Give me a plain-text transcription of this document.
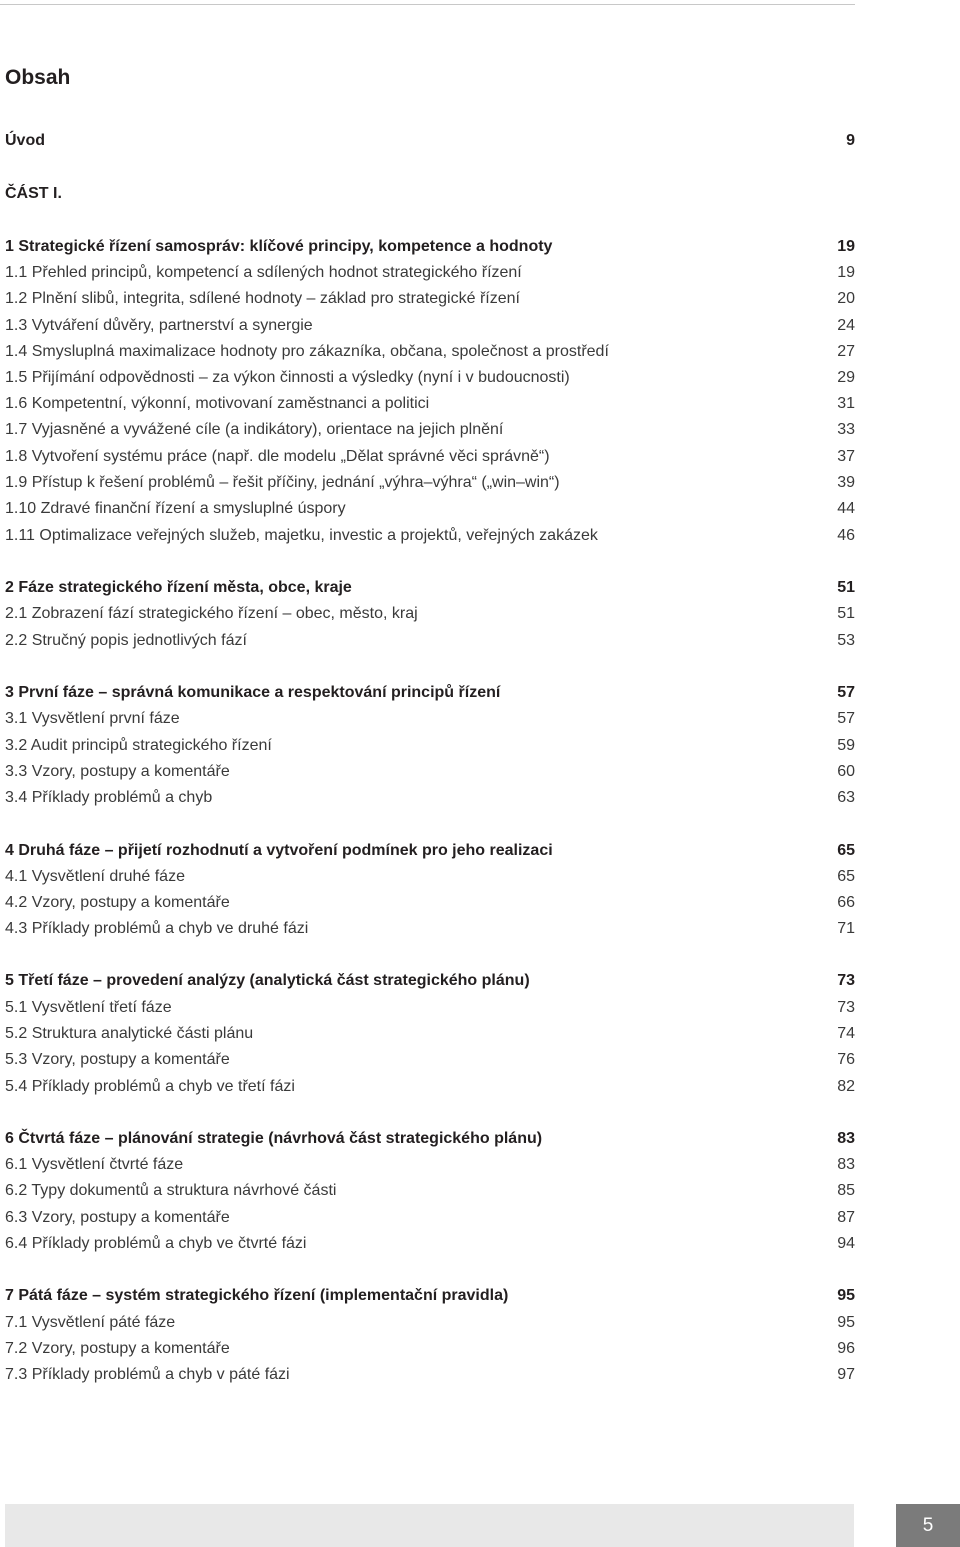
Obsah
Úvod	9
ČÁST I.
1 Strategické řízení samospráv: klíčové principy, kompetence a hodnoty	19
1.1 Přehled principů, kompetencí a sdílených hodnot strategického řízení	19
1.2 Plnění slibů, integrita, sdílené hodnoty – základ pro strategické řízení	20
1.3 Vytváření důvěry, partnerství a synergie	24
1.4 Smysluplná maximalizace hodnoty pro zákazníka, občana, společnost a prostředí	27
1.5 Přijímání odpovědnosti – za výkon činnosti a výsledky (nyní i v budoucnosti)	29
1.6 Kompetentní, výkonní, motivovaní zaměstnanci a politici	31
1.7 Vyjasněné a vyvážené cíle (a indikátory), orientace na jejich plnění	33
1.8 Vytvoření systému práce (např. dle modelu „Dělat správné věci správně“)	37
1.9 Přístup k řešení problémů – řešit příčiny, jednání „výhra–výhra“ („win–win“)	39
1.10 Zdravé finanční řízení a smysluplné úspory	44
1.11 Optimalizace veřejných služeb, majetku, investic a projektů, veřejných zakázek	46
2 Fáze strategického řízení města, obce, kraje	51
2.1 Zobrazení fází strategického řízení – obec, město, kraj	51
2.2 Stručný popis jednotlivých fází	53
3 První fáze – správná komunikace a respektování principů řízení	57
3.1 Vysvětlení první fáze	57
3.2 Audit principů strategického řízení	59
3.3 Vzory, postupy a komentáře	60
3.4 Příklady problémů a chyb	63
4 Druhá fáze – přijetí rozhodnutí a vytvoření podmínek pro jeho realizaci	65
4.1 Vysvětlení druhé fáze	65
4.2 Vzory, postupy a komentáře	66
4.3 Příklady problémů a chyb ve druhé fázi	71
5 Třetí fáze – provedení analýzy (analytická část strategického plánu)	73
5.1 Vysvětlení třetí fáze	73
5.2 Struktura analytické části plánu	74
5.3 Vzory, postupy a komentáře	76
5.4 Příklady problémů a chyb ve třetí fázi	82
6 Čtvrtá fáze – plánování strategie (návrhová část strategického plánu)	83
6.1 Vysvětlení čtvrté fáze	83
6.2 Typy dokumentů a struktura návrhové části	85
6.3 Vzory, postupy a komentáře	87
6.4 Příklady problémů a chyb ve čtvrté fázi	94
7 Pátá fáze – systém strategického řízení (implementační pravidla)	95
7.1 Vysvětlení páté fáze	95
7.2 Vzory, postupy a komentáře	96
7.3 Příklady problémů a chyb v páté fázi	97
5
